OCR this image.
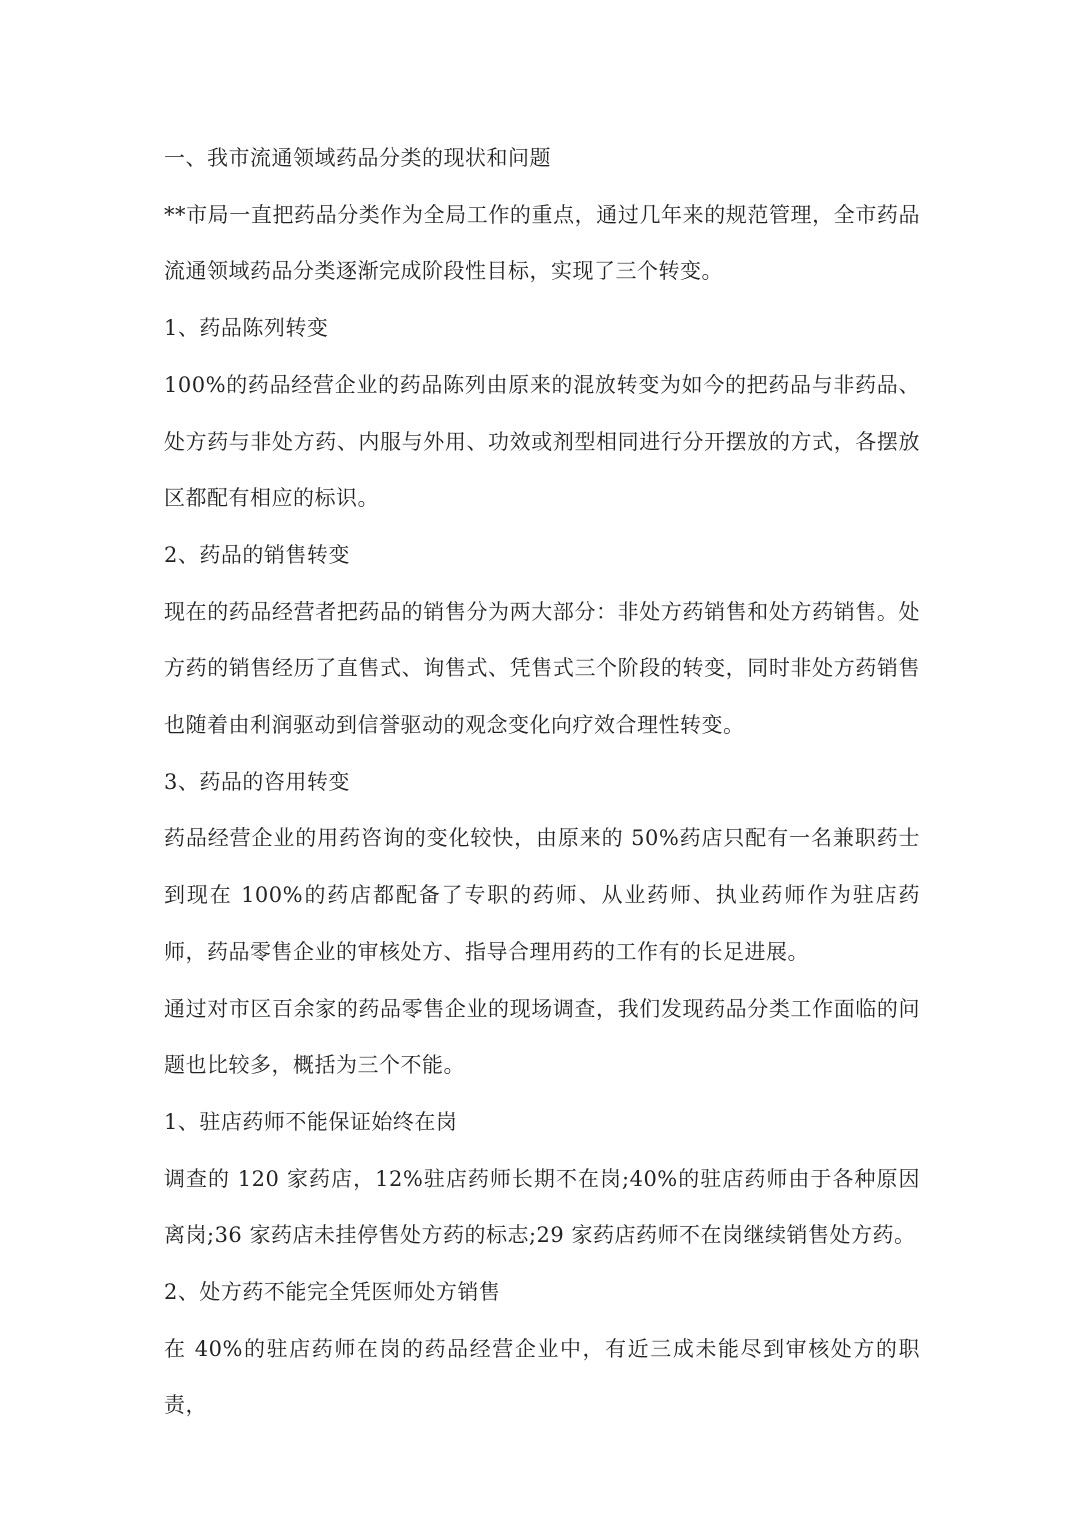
一、我市流通领域药品分类的现状和问题

**市局一直把药品分类作为全局工作的重点，通过几年来的规范管理，全市药品流通领域药品分类逐渐完成阶段性目标，实现了三个转变。

1、药品陈列转变

100%的药品经营企业的药品陈列由原来的混放转变为如今的把药品与非药品、处方药与非处方药、内服与外用、功效或剂型相同进行分开摆放的方式，各摆放区都配有相应的标识。

2、药品的销售转变

现在的药品经营者把药品的销售分为两大部分：非处方药销售和处方药销售。处方药的销售经历了直售式、询售式、凭售式三个阶段的转变，同时非处方药销售也随着由利润驱动到信誉驱动的观念变化向疗效合理性转变。

3、药品的咨用转变

药品经营企业的用药咨询的变化较快，由原来的 50%药店只配有一名兼职药士到现在 100%的药店都配备了专职的药师、从业药师、执业药师作为驻店药师，药品零售企业的审核处方、指导合理用药的工作有的长足进展。

通过对市区百余家的药品零售企业的现场调查，我们发现药品分类工作面临的问题也比较多，概括为三个不能。

1、驻店药师不能保证始终在岗

调查的 120 家药店，12%驻店药师长期不在岗;40%的驻店药师由于各种原因离岗;36 家药店未挂停售处方药的标志;29 家药店药师不在岗继续销售处方药。

2、处方药不能完全凭医师处方销售

在 40%的驻店药师在岗的药品经营企业中，有近三成未能尽到审核处方的职责，
